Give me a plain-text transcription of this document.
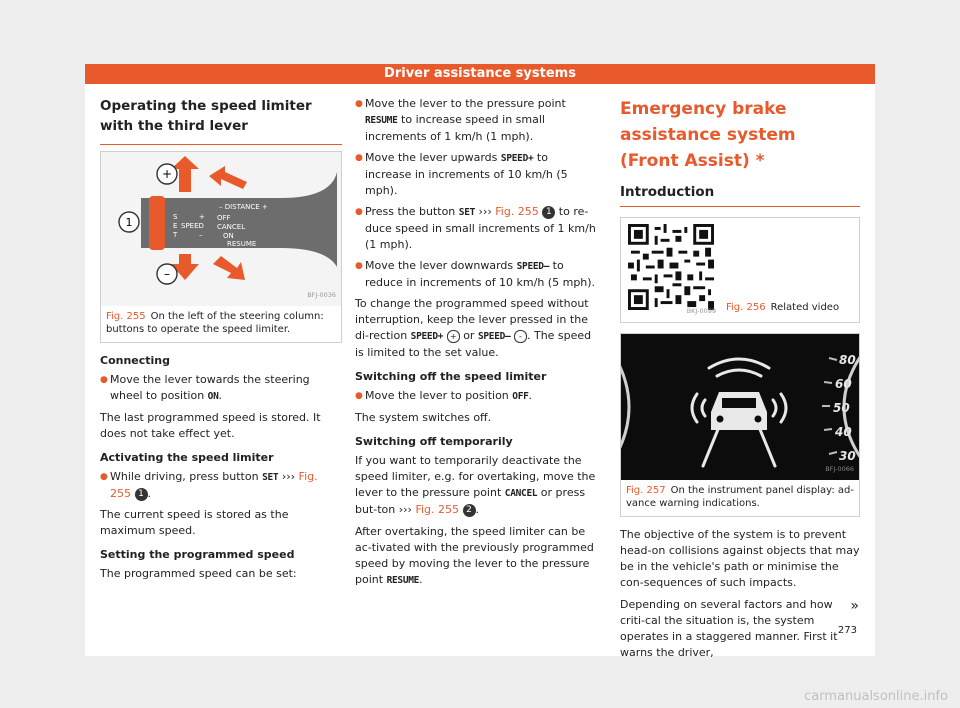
Driver assistance systems
Operating the speed limiter with the third lever
+
1
–
– DISTANCE +
S
E
T
SPEED
OFF
CANCEL
ON
RESUME
+
–
BFJ-0036
Fig. 255 On the left of the steering column: buttons to operate the speed limiter.
Connecting
● Move the lever towards the steering wheel to position ON.

The last programmed speed is stored. It does not take effect yet.

Activating the speed limiter
● While driving, press button SET ››› Fig. 255 1 .

The current speed is stored as the maximum speed.

Setting the programmed speed

The programmed speed can be set:

● Move the lever to the pressure point RESUME to increase speed in small increments of 1 km/h (1 mph).
● Move the lever upwards SPEED+ to increase in increments of 10 km/h (5 mph).
● Press the button SET ››› Fig. 255 1 to re-duce speed in small increments of 1 km/h (1 mph).
● Move the lever downwards SPEED– to reduce in increments of 10 km/h (5 mph).

To change the programmed speed without interruption, keep the lever pressed in the di-rection SPEED+ + or SPEED– - . The speed is limited to the set value.

Switching off the speed limiter
● Move the lever to position OFF.

The system switches off.

Switching off temporarily

If you want to temporarily deactivate the speed limiter, e.g. for overtaking, move the lever to the pressure point CANCEL or press but-ton ››› Fig. 255 2 .

After overtaking, the speed limiter can be ac-tivated with the previously programmed speed by moving the lever to the pressure point RESUME.

Emergency brake assistance system (Front Assist) *
Introduction
BKJ-0099	Fig. 256 Related video
80
60
50
40
30
BFJ-0066
Fig. 257 On the instrument panel display: ad-vance warning indications.

The objective of the system is to prevent head-on collisions against objects that may be in the vehicle's path or minimise the con-sequences of such impacts.

Depending on several factors and how criti-cal the situation is, the system operates in a staggered manner. First it warns the driver,

»
273
carmanualsonline.info
